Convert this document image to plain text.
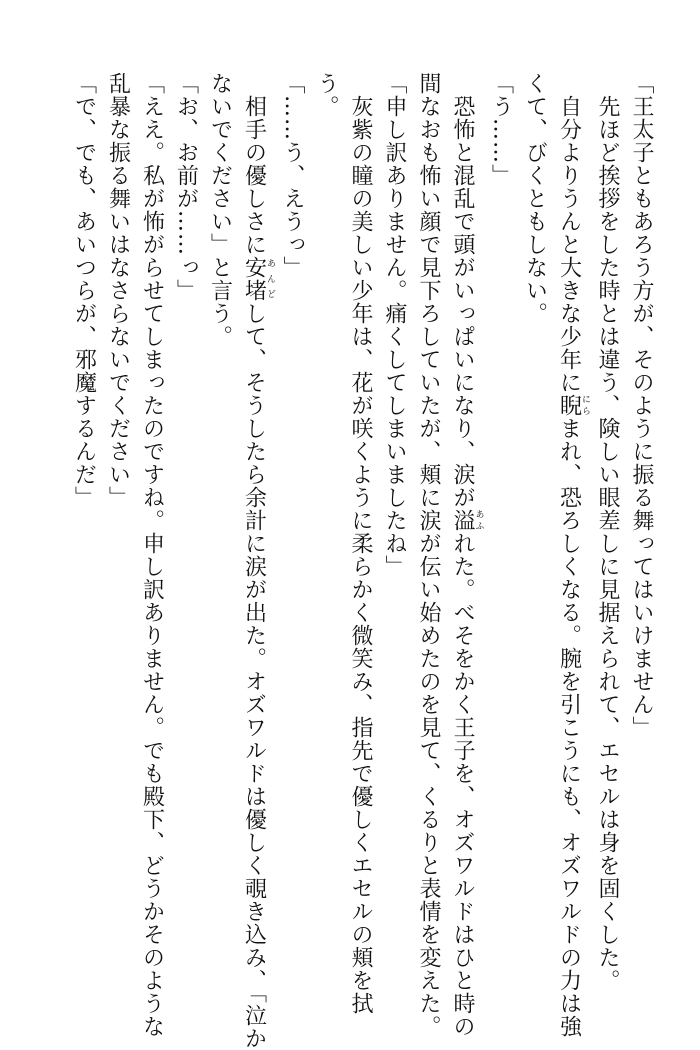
「王太子ともあろう方が、そのように振る舞ってはいけません」
　先ほど挨拶をした時とは違う、険しい眼差しに見据えられて、エセルは身を固くした。
　自分よりうんと大きな少年に睨にらまれ、恐ろしくなる。腕を引こうにも、オズワルドの力は強
くて、びくともしない。
「う……」
　恐怖と混乱で頭がいっぱいになり、涙が溢あふれた。べそをかく王子を、オズワルドはひと時の
間なおも怖い顔で見下ろしていたが、頬に涙が伝い始めたのを見て、くるりと表情を変えた。
「申し訳ありません。痛くしてしまいましたね」
　灰紫の瞳の美しい少年は、花が咲くように柔らかく微笑み、指先で優しくエセルの頬を拭
う。
「……う、えうっ」
　相手の優しさに安堵あんどして、そうしたら余計に涙が出た。オズワルドは優しく覗き込み、「泣か
ないでください」と言う。
「お、お前が……っ」
「ええ。私が怖がらせてしまったのですね。申し訳ありません。でも殿下、どうかそのような
乱暴な振る舞いはなさらないでください」
「で、でも、あいつらが、邪魔するんだ」
